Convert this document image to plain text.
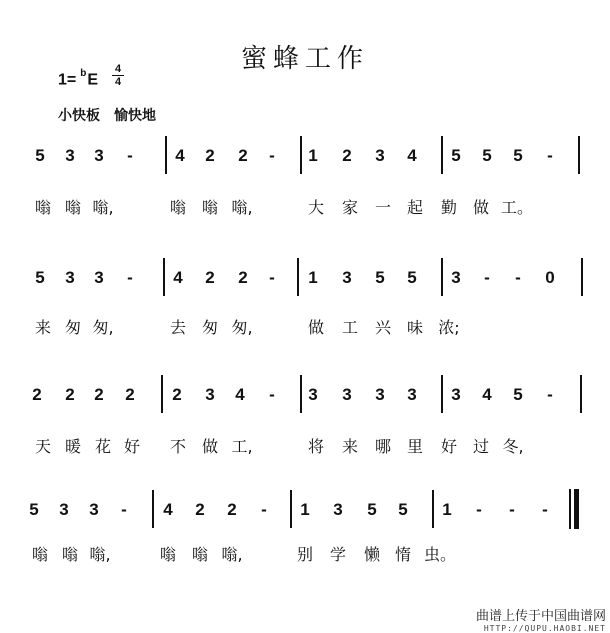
蜜蜂工作
1= $^b$E
4
4
小快板 愉快地
5	3	3	-	4	2	2	-	1	2	3	4	5	5	5	-
嗡 嗡 嗡,	嗡 嗡 嗡,	大 家 一 起 勤 做 工。
5	3	3	-	4	2	2	-	1	3	5	5	3	-	-	0
来 匆 匆,	去 匆 匆,	做 工 兴 味 浓;
2	2	2	2	2	3	4	-	3	3	3	3	3	4	5	-
天 暖 花 好 不 做 工,	将 来 哪 里 好 过 冬,
5	3	3	-	4	2	2	-	1	3	5	5	1	-	-	-
嗡 嗡 嗡,	嗡 嗡 嗡,	别 学 懒 惰 虫。
曲谱上传于中国曲谱网
HTTP://QUPU.HAOBI.NET
